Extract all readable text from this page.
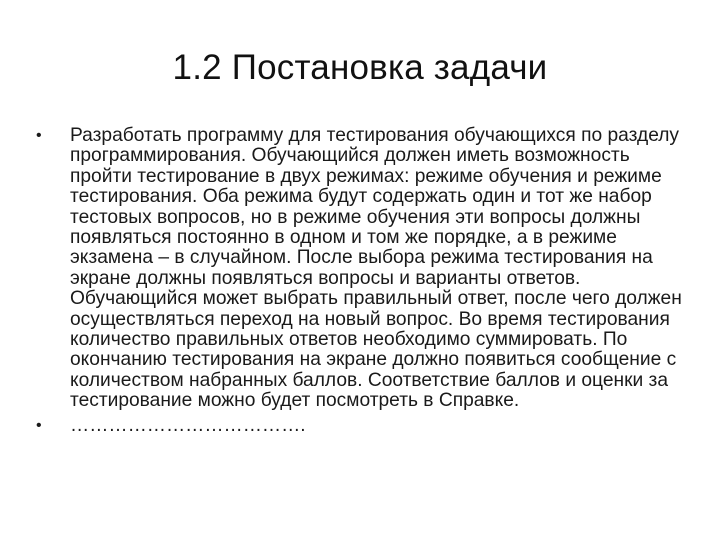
1.2 Постановка задачи
•	Разработать программу для тестирования обучающихся по разделу программирования. Обучающийся должен иметь возможность пройти тестирование в двух режимах: режиме обучения и режиме тестирования. Оба режима будут содержать один и тот же набор тестовых вопросов, но в режиме обучения эти вопросы должны появляться постоянно в одном и том же порядке, а в режиме экзамена – в случайном. После выбора режима тестирования на экране должны появляться вопросы и варианты ответов. Обучающийся может выбрать правильный ответ, после чего должен осуществляться переход на новый вопрос. Во время тестирования количество правильных ответов необходимо суммировать. По окончанию тестирования на экране должно появиться сообщение с количеством набранных баллов. Соответствие баллов и оценки за тестирование можно будет посмотреть в Справке.
•	……………………………….
